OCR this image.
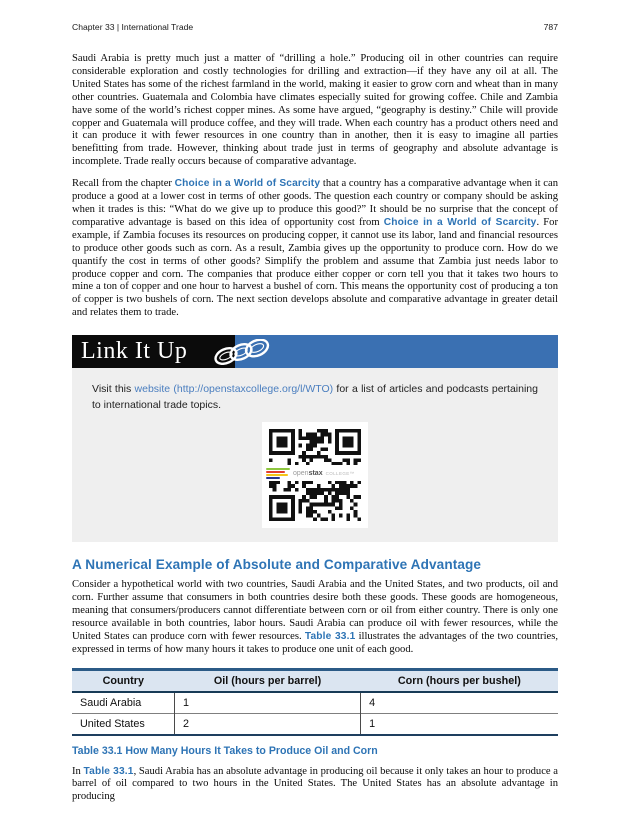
Chapter 33 | International Trade	787

Saudi Arabia is pretty much just a matter of “drilling a hole.” Producing oil in other countries can require considerable exploration and costly technologies for drilling and extraction—if they have any oil at all. The United States has some of the richest farmland in the world, making it easier to grow corn and wheat than in many other countries. Guatemala and Colombia have climates especially suited for growing coffee. Chile and Zambia have some of the world’s richest copper mines. As some have argued, “geography is destiny.” Chile will provide copper and Guatemala will produce coffee, and they will trade. When each country has a product others need and it can produce it with fewer resources in one country than in another, then it is easy to imagine all parties benefitting from trade. However, thinking about trade just in terms of geography and absolute advantage is incomplete. Trade really occurs because of comparative advantage.

Recall from the chapter Choice in a World of Scarcity that a country has a comparative advantage when it can produce a good at a lower cost in terms of other goods. The question each country or company should be asking when it trades is this: “What do we give up to produce this good?” It should be no surprise that the concept of comparative advantage is based on this idea of opportunity cost from Choice in a World of Scarcity. For example, if Zambia focuses its resources on producing copper, it cannot use its labor, land and financial resources to produce other goods such as corn. As a result, Zambia gives up the opportunity to produce corn. How do we quantify the cost in terms of other goods? Simplify the problem and assume that Zambia just needs labor to produce copper and corn. The companies that produce either copper or corn tell you that it takes two hours to mine a ton of copper and one hour to harvest a bushel of corn. This means the opportunity cost of producing a ton of copper is two bushels of corn. The next section develops absolute and comparative advantage in greater detail and relates them to trade.

Link It Up
Visit this website (http://openstaxcollege.org/l/WTO) for a list of articles and podcasts pertaining to international trade topics.
open stax COLLEGE™
A Numerical Example of Absolute and Comparative Advantage

Consider a hypothetical world with two countries, Saudi Arabia and the United States, and two products, oil and corn. Further assume that consumers in both countries desire both these goods. These goods are homogeneous, meaning that consumers/producers cannot differentiate between corn or oil from either country. There is only one resource available in both countries, labor hours. Saudi Arabia can produce oil with fewer resources, while the United States can produce corn with fewer resources. Table 33.1 illustrates the advantages of the two countries, expressed in terms of how many hours it takes to produce one unit of each good.

Country	Oil (hours per barrel)	Corn (hours per bushel)
Saudi Arabia	1	4
United States	2	1
Table 33.1 How Many Hours It Takes to Produce Oil and Corn

In Table 33.1, Saudi Arabia has an absolute advantage in producing oil because it only takes an hour to produce a barrel of oil compared to two hours in the United States. The United States has an absolute advantage in producing
